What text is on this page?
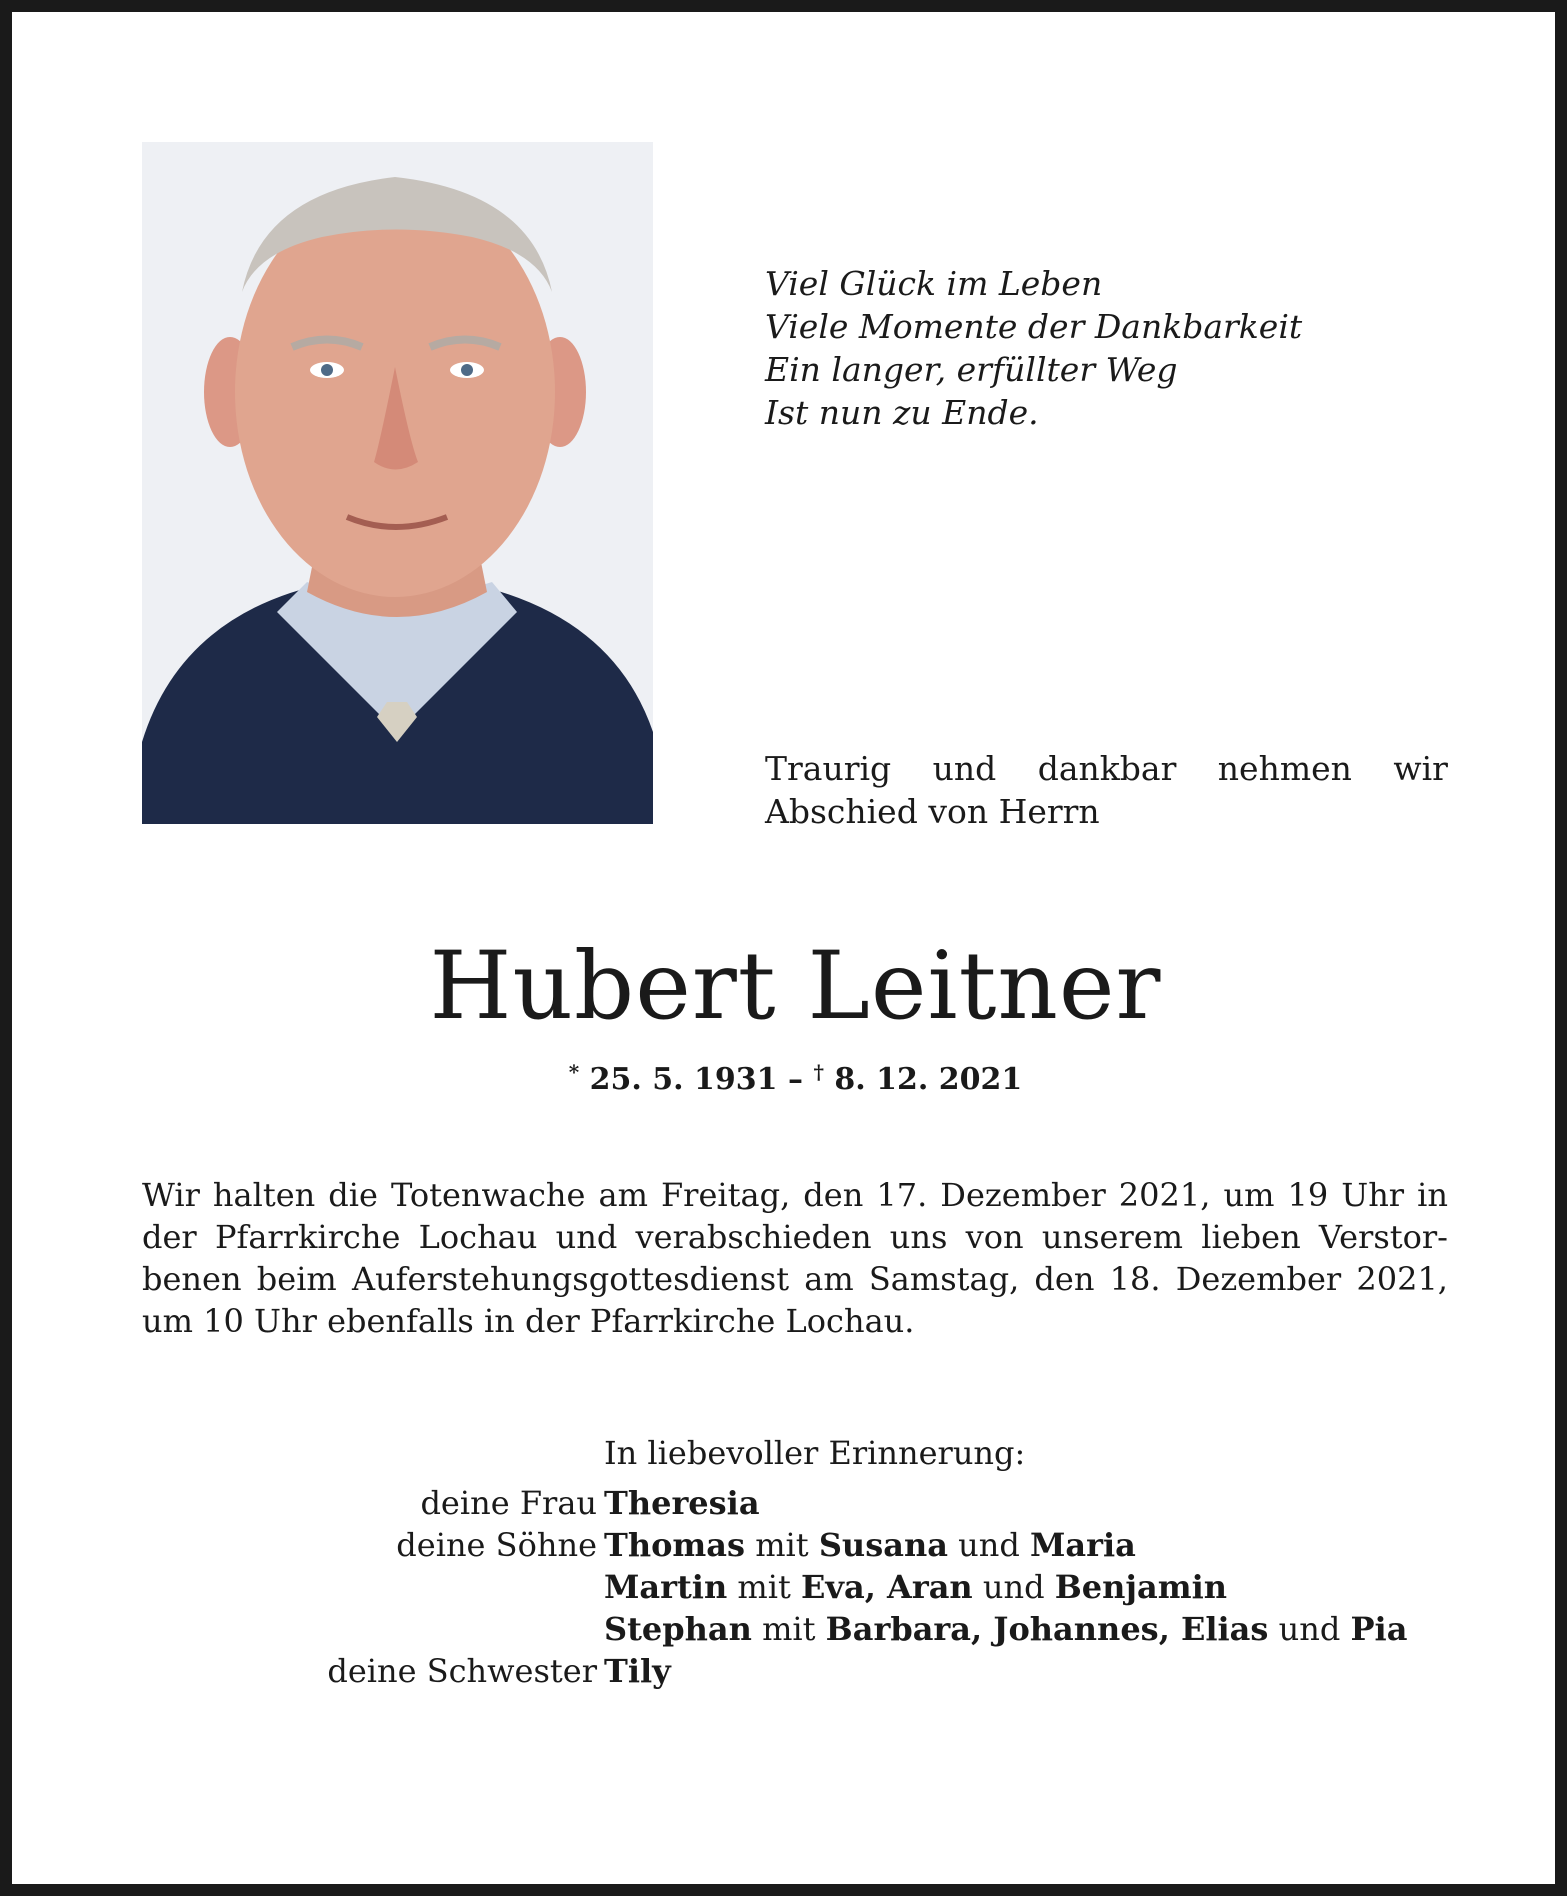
Viel Glück im Leben
Viele Momente der Dankbarkeit
Ein langer, erfüllter Weg
Ist nun zu Ende.
Traurig und dankbar nehmen wir
Abschied von Herrn
Hubert Leitner
* 25. 5. 1931 – † 8. 12. 2021
Wir halten die Totenwache am Freitag, den 17. Dezember 2021, um 19 Uhr in
der Pfarrkirche Lochau und verabschieden uns von unserem lieben Verstor-
benen beim Auferstehungsgottesdienst am Samstag, den 18. Dezember 2021,
um 10 Uhr ebenfalls in der Pfarrkirche Lochau.
In liebevoller Erinnerung:
deine Frau Theresia
deine Söhne Thomas mit Susana und Maria
Martin mit Eva, Aran und Benjamin
Stephan mit Barbara, Johannes, Elias und Pia
deine Schwester Tily
